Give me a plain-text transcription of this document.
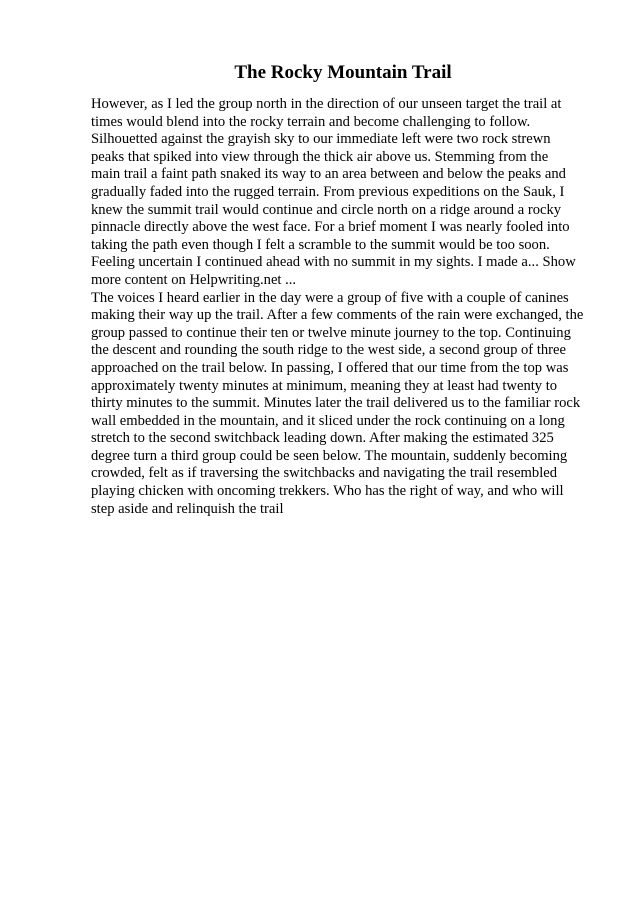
The Rocky Mountain Trail
However, as I led the group north in the direction of our unseen target the trail at
times would blend into the rocky terrain and become challenging to follow.
Silhouetted against the grayish sky to our immediate left were two rock strewn
peaks that spiked into view through the thick air above us. Stemming from the
main trail a faint path snaked its way to an area between and below the peaks and
gradually faded into the rugged terrain. From previous expeditions on the Sauk, I
knew the summit trail would continue and circle north on a ridge around a rocky
pinnacle directly above the west face. For a brief moment I was nearly fooled into
taking the path even though I felt a scramble to the summit would be too soon.
Feeling uncertain I continued ahead with no summit in my sights. I made a... Show
more content on Helpwriting.net ...
The voices I heard earlier in the day were a group of five with a couple of canines
making their way up the trail. After a few comments of the rain were exchanged, the
group passed to continue their ten or twelve minute journey to the top. Continuing
the descent and rounding the south ridge to the west side, a second group of three
approached on the trail below. In passing, I offered that our time from the top was
approximately twenty minutes at minimum, meaning they at least had twenty to
thirty minutes to the summit. Minutes later the trail delivered us to the familiar rock
wall embedded in the mountain, and it sliced under the rock continuing on a long
stretch to the second switchback leading down. After making the estimated 325
degree turn a third group could be seen below. The mountain, suddenly becoming
crowded, felt as if traversing the switchbacks and navigating the trail resembled
playing chicken with oncoming trekkers. Who has the right of way, and who will
step aside and relinquish the trail
